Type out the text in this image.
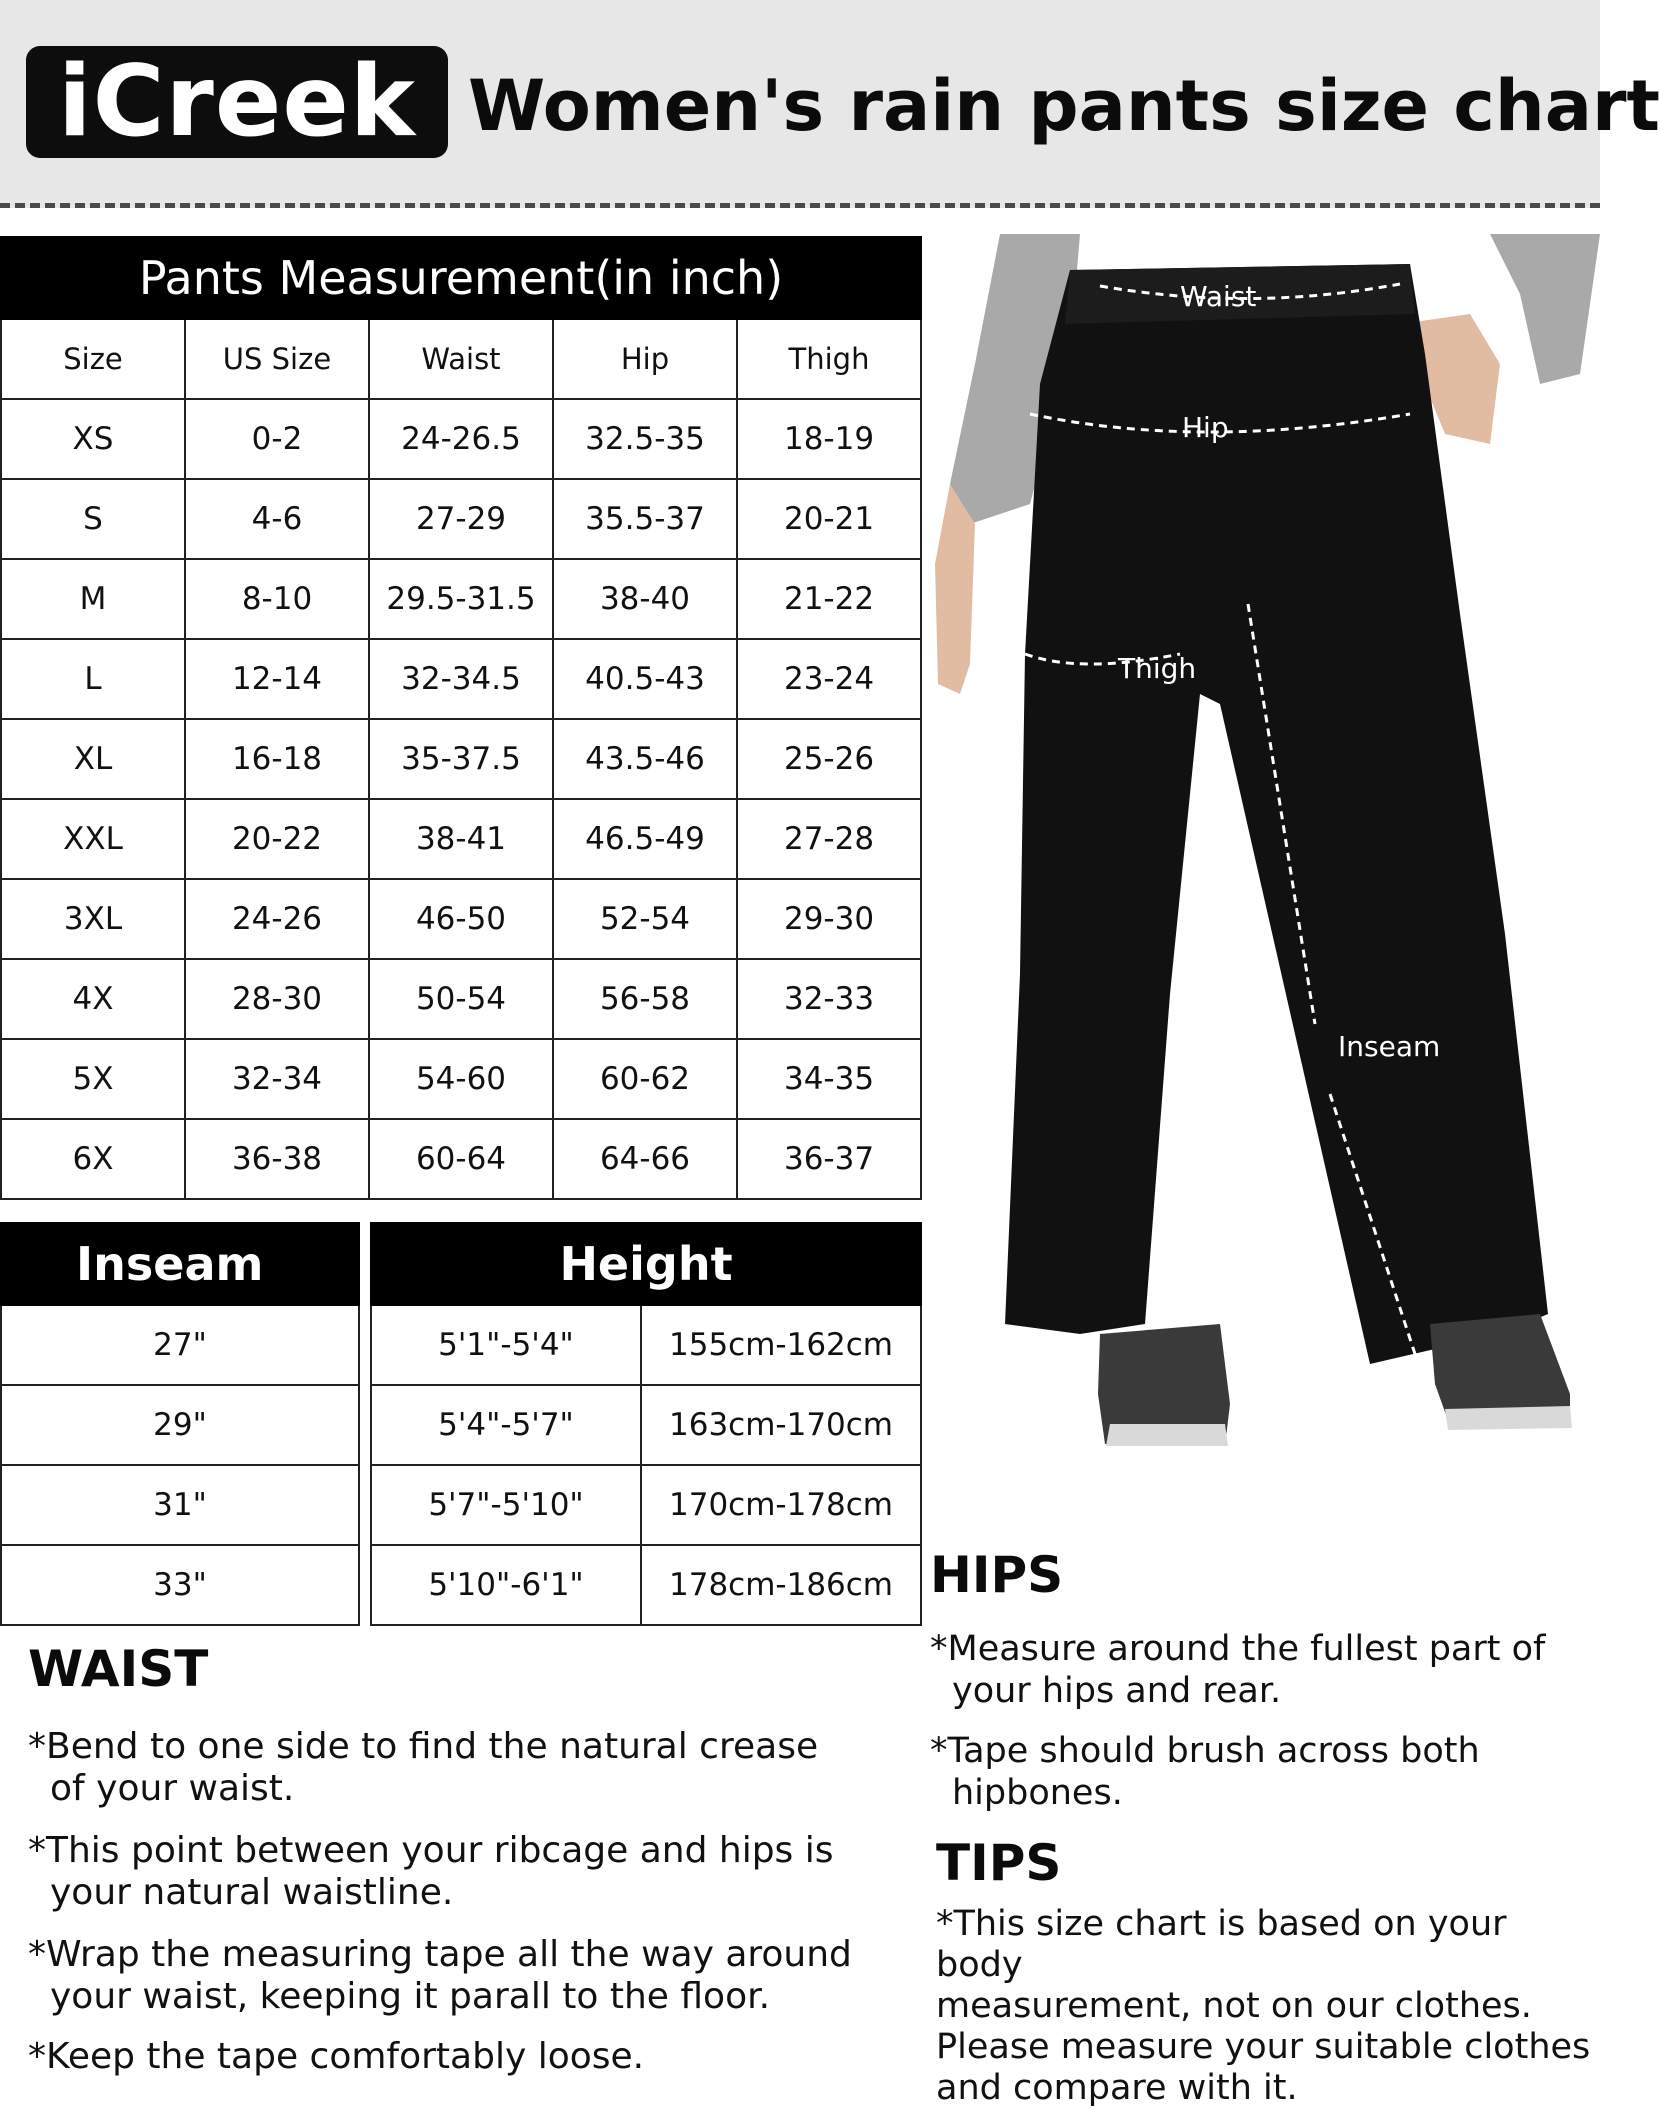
iCreek Women's rain pants size chart
Pants Measurement(in inch)				
Size	US Size	Waist	Hip	Thigh
XS	0-2	24-26.5	32.5-35	18-19
S	4-6	27-29	35.5-37	20-21
M	8-10	29.5-31.5	38-40	21-22
L	12-14	32-34.5	40.5-43	23-24
XL	16-18	35-37.5	43.5-46	25-26
XXL	20-22	38-41	46.5-49	27-28
3XL	24-26	46-50	52-54	29-30
4X	28-30	50-54	56-58	32-33
5X	32-34	54-60	60-62	34-35
6X	36-38	60-64	64-66	36-37
Inseam
27"
29"
31"
33"
Height	
5'1"-5'4"	155cm-162cm
5'4"-5'7"	163cm-170cm
5'7"-5'10"	170cm-178cm
5'10"-6'1"	178cm-186cm
Waist
Hip
Thigh
Inseam
WAIST
*Bend to one side to find the natural crease
of your waist.
*This point between your ribcage and hips is
your natural waistline.
*Wrap the measuring tape all the way around
your waist, keeping it parall to the floor.
*Keep the tape comfortably loose.
HIPS
*Measure around the fullest part of
your hips and rear.
*Tape should brush across both
hipbones.
TIPS
*This size chart is based on your body
measurement, not on our clothes.
Please measure your suitable clothes
and compare with it.
